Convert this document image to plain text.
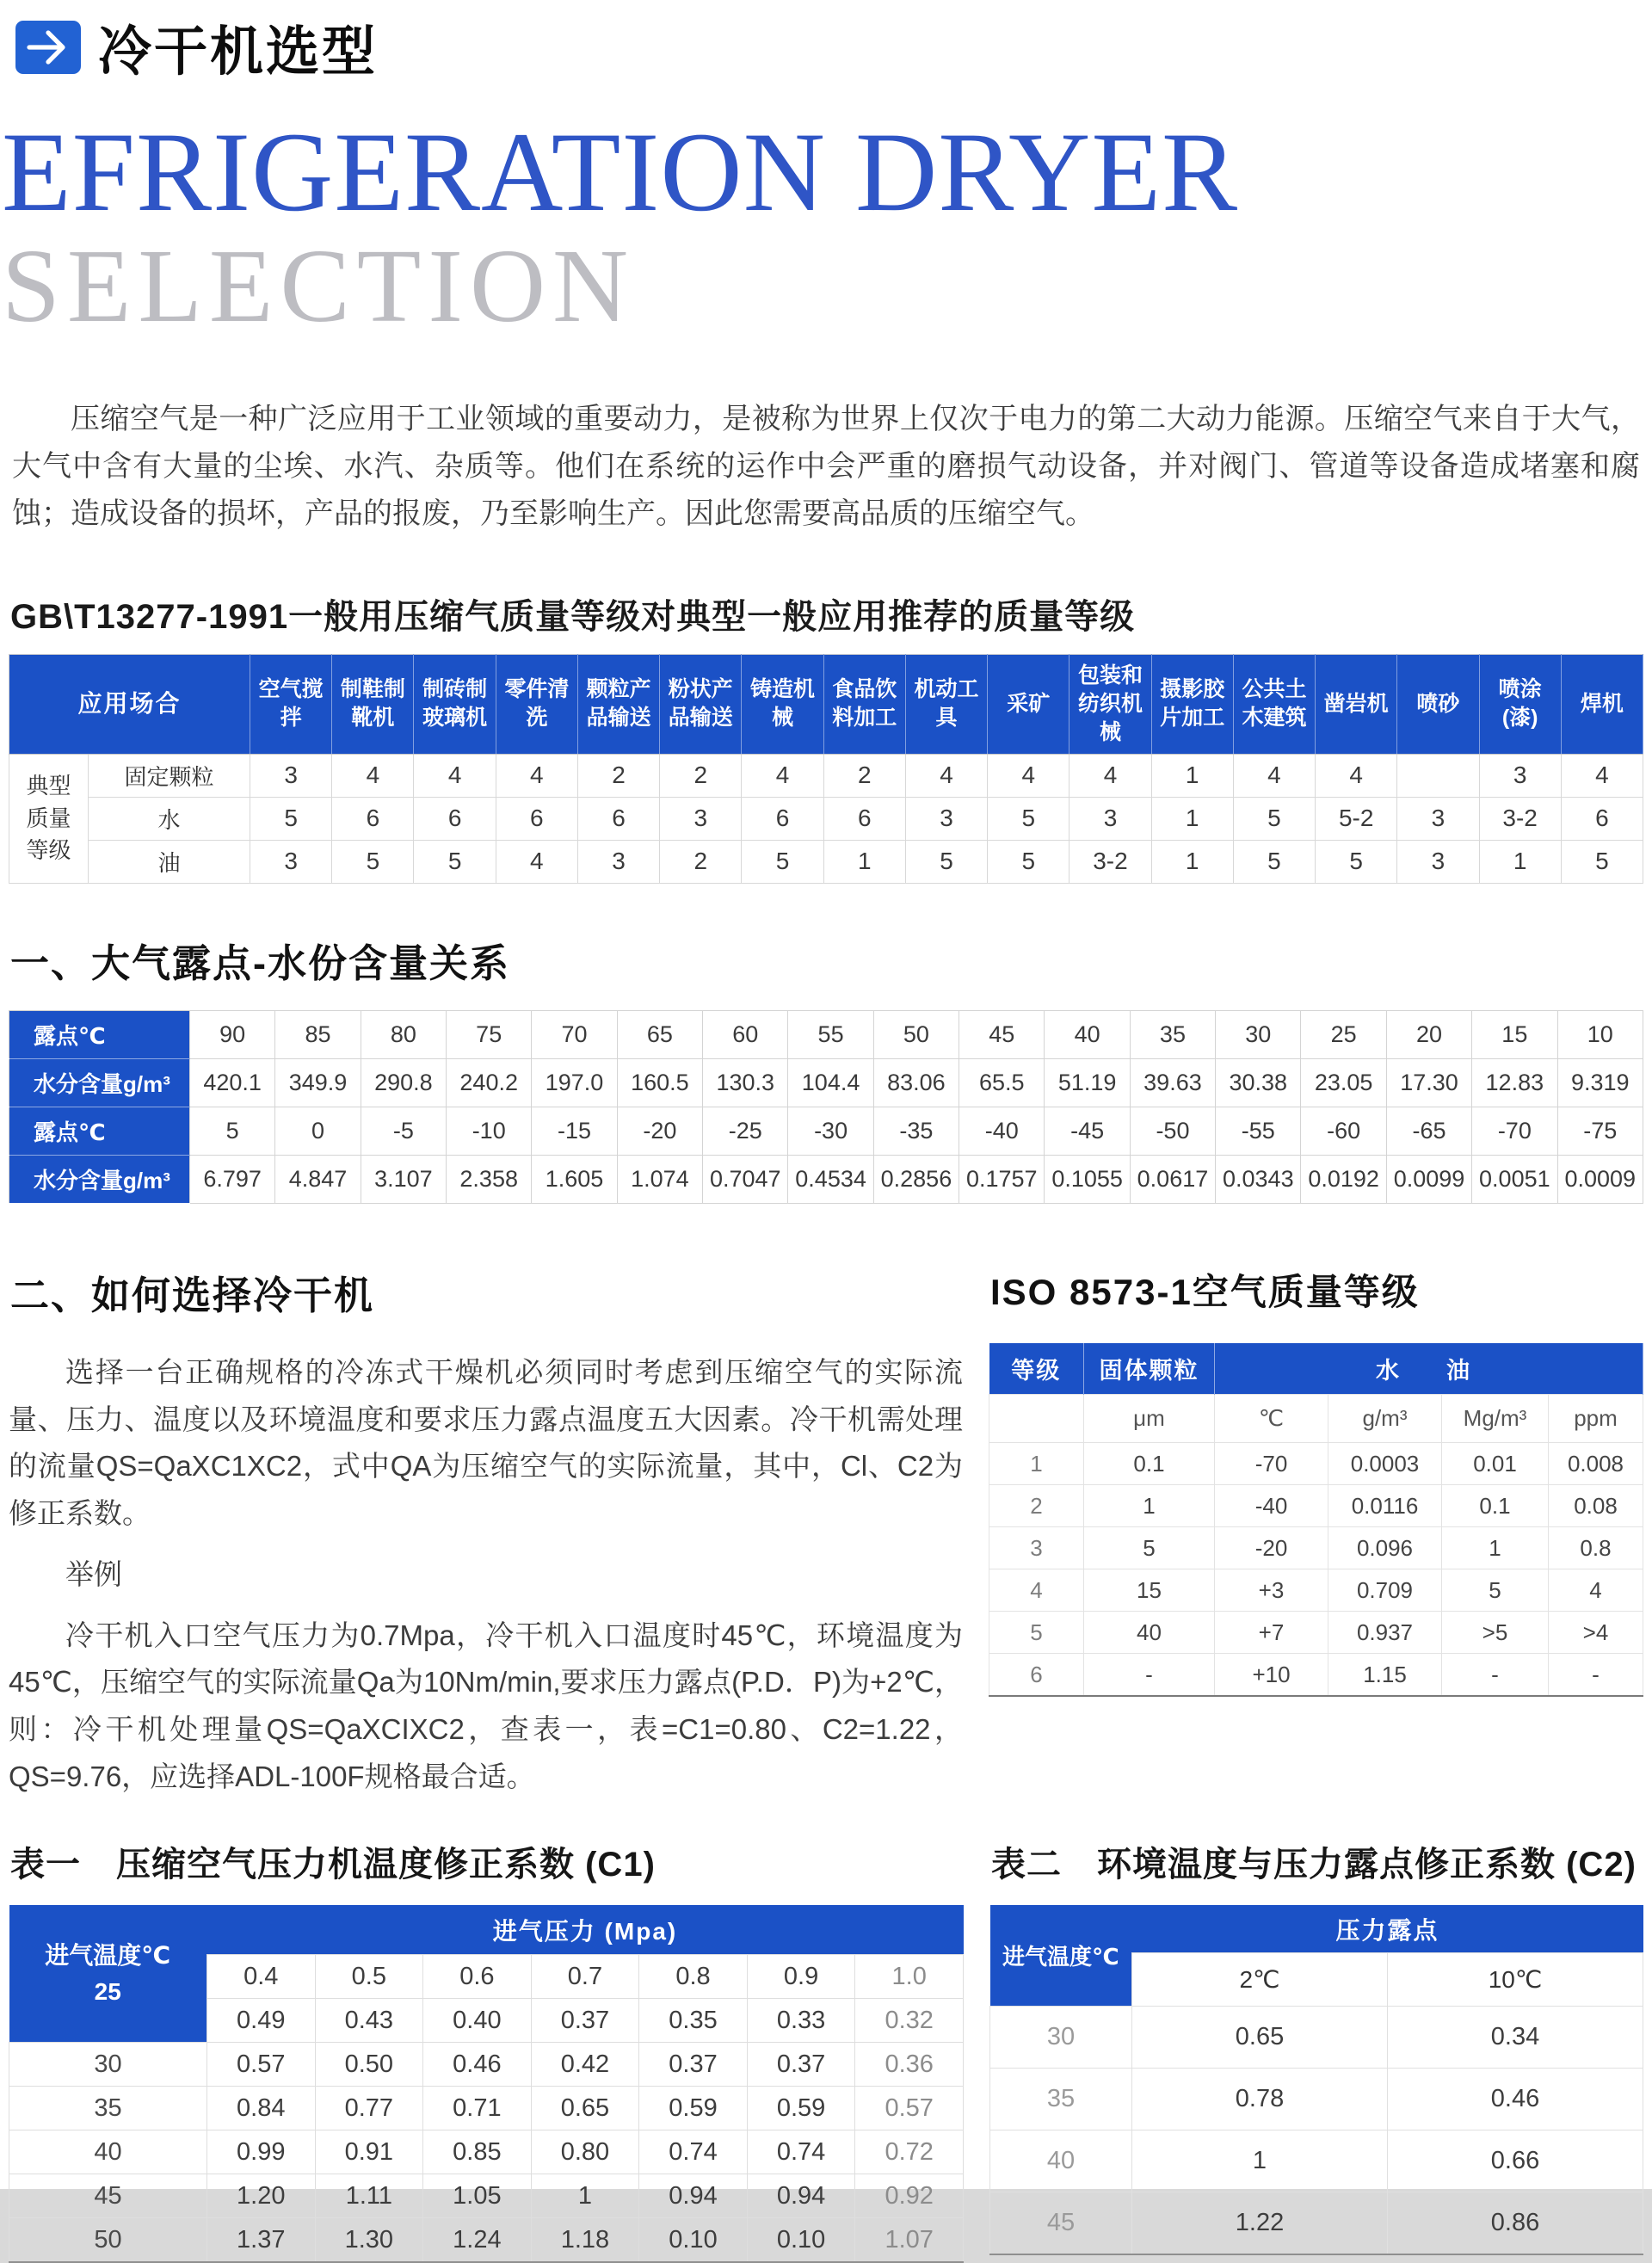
冷干机选型
EFRIGERATION DRYER
SELECTION

压缩空气是一种广泛应用于工业领域的重要动力，是被称为世界上仅次于电力的第二大动力能源。压缩空气来自于大气，大气中含有大量的尘埃、水汽、杂质等。他们在系统的运作中会严重的磨损气动设备，并对阀门、管道等设备造成堵塞和腐蚀；造成设备的损坏，产品的报废，乃至影响生产。因此您需要高品质的压缩空气。

GB\T13277-1991一般用压缩气质量等级对典型一般应用推荐的质量等级
应用场合		空气搅拌	制鞋制靴机	制砖制玻璃机	零件清洗	颗粒产品输送	粉状产品输送	铸造机械	食品饮料加工	机动工具	采矿	包装和纺织机械	摄影胶片加工	公共土木建筑	凿岩机	喷砂	喷涂(漆)	焊机
典型质量等级	固定颗粒	3	4	4	4	2	2	4	2	4	4	4	1	4	4		3	4
	水	5	6	6	6	6	3	6	6	3	5	3	1	5	5-2	3	3-2	6
	油	3	5	5	4	3	2	5	1	5	5	3-2	1	5	5	3	1	5
一、大气露点-水份含量关系
露点℃	90	85	80	75	70	65	60	55	50	45	40	35	30	25	20	15	10
水分含量g/m³	420.1	349.9	290.8	240.2	197.0	160.5	130.3	104.4	83.06	65.5	51.19	39.63	30.38	23.05	17.30	12.83	9.319
露点℃	5	0	-5	-10	-15	-20	-25	-30	-35	-40	-45	-50	-55	-60	-65	-70	-75
水分含量g/m³	6.797	4.847	3.107	2.358	1.605	1.074	0.7047	0.4534	0.2856	0.1757	0.1055	0.0617	0.0343	0.0192	0.0099	0.0051	0.0009
二、如何选择冷干机

选择一台正确规格的冷冻式干燥机必须同时考虑到压缩空气的实际流量、压力、温度以及环境温度和要求压力露点温度五大因素。冷干机需处理的流量QS=QaXC1XC2，式中QA为压缩空气的实际流量，其中，Cl、C2为修正系数。

举例

冷干机入口空气压力为0.7Mpa，冷干机入口温度时45℃，环境温度为45℃，压缩空气的实际流量Qa为10Nm/min,要求压力露点(P.D．P)为+2℃，则：冷干机处理量QS=QaXCIXC2，查表一，表=C1=0.80、C2=1.22，QS=9.76，应选择ADL-100F规格最合适。

ISO 8573-1空气质量等级
等级	固体颗粒	水　油			
	μm	℃	g/m³	Mg/m³	ppm
1	0.1	-70	0.0003	0.01	0.008
2	1	-40	0.0116	0.1	0.08
3	5	-20	0.096	1	0.8
4	15	+3	0.709	5	4
5	40	+7	0.937	>5	>4
6	-	+10	1.15	-	-
表一　压缩空气压力机温度修正系数 (C1)
进气温度℃
25	进气压力 (Mpa)						
	0.4	0.5	0.6	0.7	0.8	0.9	1.0
	0.49	0.43	0.40	0.37	0.35	0.33	0.32
30	0.57	0.50	0.46	0.42	0.37	0.37	0.36
35	0.84	0.77	0.71	0.65	0.59	0.59	0.57
40	0.99	0.91	0.85	0.80	0.74	0.74	0.72
45	1.20	1.11	1.05	1	0.94	0.94	0.92
50	1.37	1.30	1.24	1.18	0.10	0.10	1.07
表二　环境温度与压力露点修正系数 (C2)
进气温度℃	压力露点	
	2℃	10℃
30	0.65	0.34
35	0.78	0.46
40	1	0.66
45	1.22	0.86
